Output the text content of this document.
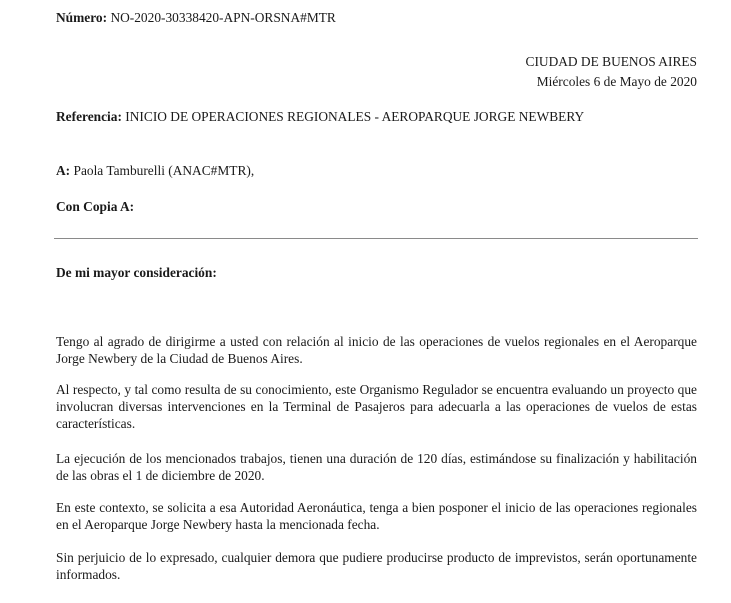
Número: NO-2020-30338420-APN-ORSNA#MTR
CIUDAD DE BUENOS AIRES
Miércoles 6 de Mayo de 2020
Referencia: INICIO DE OPERACIONES REGIONALES - AEROPARQUE JORGE NEWBERY
A: Paola Tamburelli (ANAC#MTR),
Con Copia A:
De mi mayor consideración:

Tengo al agrado de dirigirme a usted con relación al inicio de las operaciones de vuelos regionales en el Aeroparque Jorge Newbery de la Ciudad de Buenos Aires.

Al respecto, y tal como resulta de su conocimiento, este Organismo Regulador se encuentra evaluando un proyecto que involucran diversas intervenciones en la Terminal de Pasajeros para adecuarla a las operaciones de vuelos de estas características.

La ejecución de los mencionados trabajos, tienen una duración de 120 días, estimándose su finalización y habilitación de las obras el 1 de diciembre de 2020.

En este contexto, se solicita a esa Autoridad Aeronáutica, tenga a bien posponer el inicio de las operaciones regionales en el Aeroparque Jorge Newbery hasta la mencionada fecha.

Sin perjuicio de lo expresado, cualquier demora que pudiere producirse producto de imprevistos, serán oportunamente informados.
